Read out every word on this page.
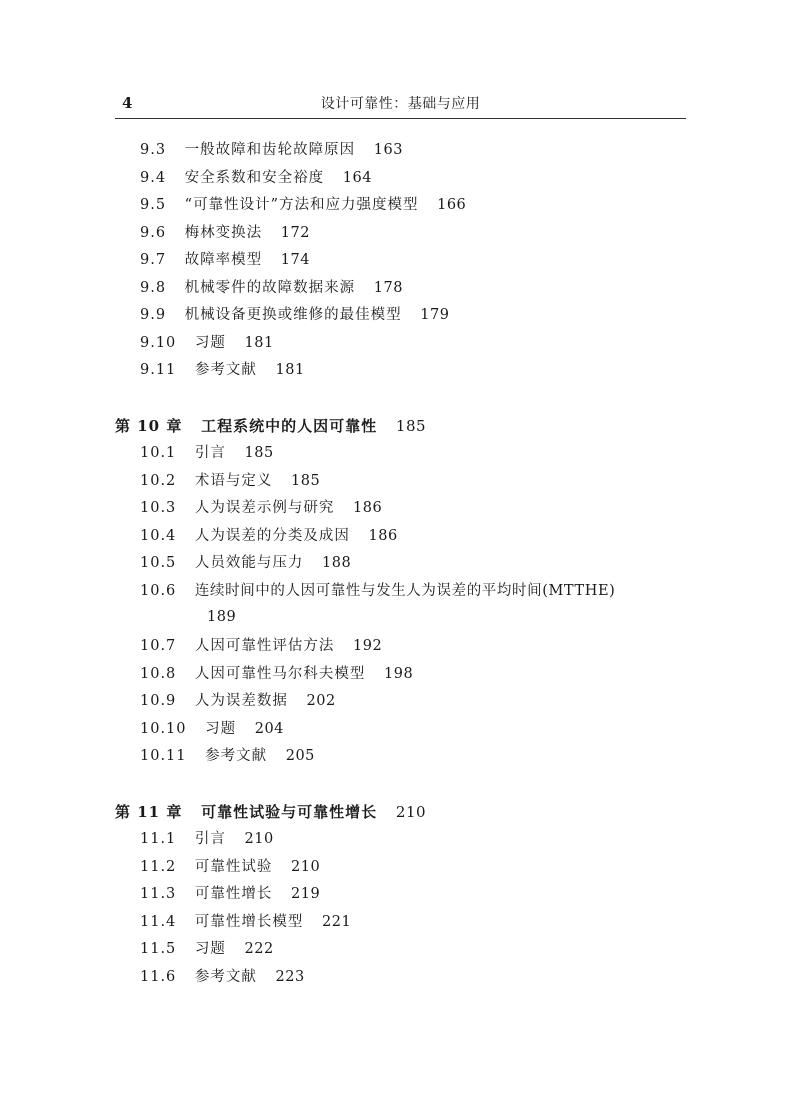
4	设计可靠性：基础与应用
9.3 一般故障和齿轮故障原因 163
9.4 安全系数和安全裕度 164
9.5 “可靠性设计”方法和应力强度模型 166
9.6 梅林变换法 172
9.7 故障率模型 174
9.8 机械零件的故障数据来源 178
9.9 机械设备更换或维修的最佳模型 179
9.10 习题 181
9.11 参考文献 181
第 10 章 工程系统中的人因可靠性 185
10.1 引言 185
10.2 术语与定义 185
10.3 人为误差示例与研究 186
10.4 人为误差的分类及成因 186
10.5 人员效能与压力 188
10.6 连续时间中的人因可靠性与发生人为误差的平均时间(MTTHE)
189
10.7 人因可靠性评估方法 192
10.8 人因可靠性马尔科夫模型 198
10.9 人为误差数据 202
10.10 习题 204
10.11 参考文献 205
第 11 章 可靠性试验与可靠性增长 210
11.1 引言 210
11.2 可靠性试验 210
11.3 可靠性增长 219
11.4 可靠性增长模型 221
11.5 习题 222
11.6 参考文献 223
